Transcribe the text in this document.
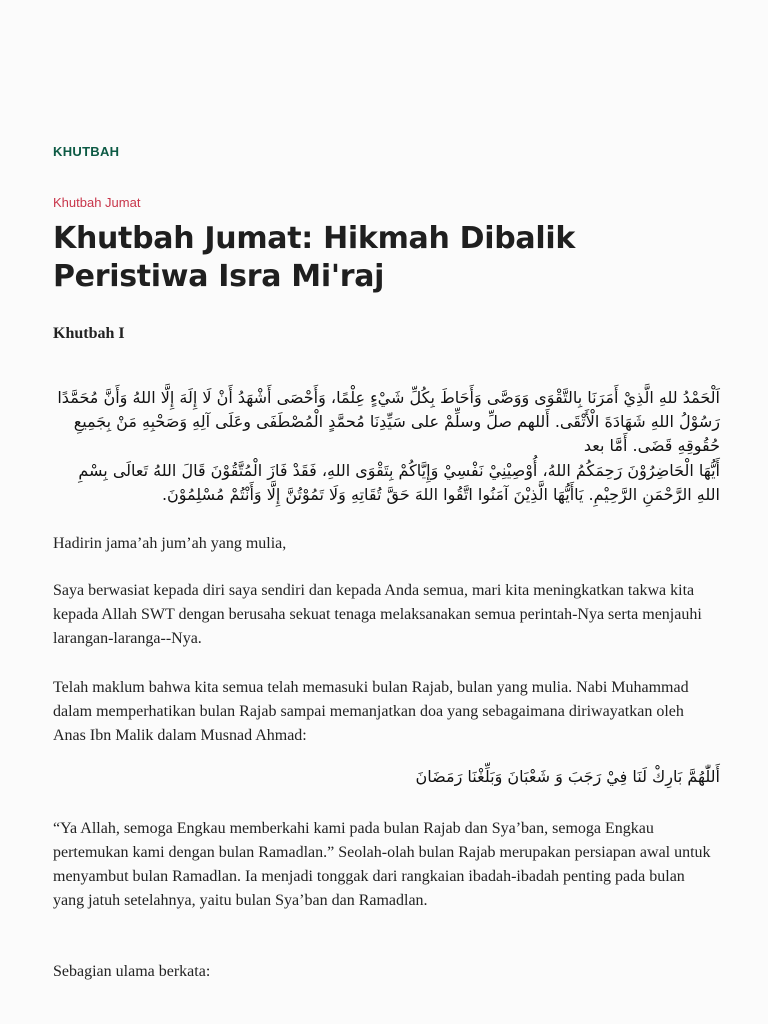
KHUTBAH
Khutbah Jumat
Khutbah Jumat: Hikmah Dibalik Peristiwa Isra Mi'raj
Khutbah I

اَلْحَمْدُ للهِ الَّذِيْ أَمَرَنَا بِالتَّقْوَى وَوَصَّى وَأَحَاطَ بِكُلِّ شَيْءٍ عِلْمًا، وَأَحْصَى أَشْهَدُ أَنْ لَا إِلَهَ إِلَّا اللهُ وَأَنَّ مُحَمَّدًا رَسُوْلُ اللهِ شَهَادَةَ الْأَتْقَى. أَللهم صلِّ وسلِّمْ على سَيِّدِنَا مُحمَّدٍ الْمُصْطَفَى وعَلَى آلِهِ وَصَحْبِهِ مَنْ بِجَمِيعِ حُقُوقِهِ قَضَى. أَمَّا بعد

أَيُّهَا الْحَاضِرُوْنَ رَحِمَكُمُ اللهُ، أُوْصِيْنِيْ نَفْسِيْ وَإِيَّاكُمْ بِتَقْوَى اللهِ، فَقَدْ فَازَ الْمُتَّقُوْنَ قَالَ اللهُ تَعالَى بِسْمِ اللهِ الرَّحْمَنِ الرَّحِيْمِ. يَاأَيُّهَا الَّذِيْنَ آمَنُوا اتَّقُوا اللهَ حَقَّ تُقَاتِهِ وَلَا تَمُوْتُنَّ إِلَّا وَأَنْتُمْ مُسْلِمُوْنَ.

Hadirin jama’ah jum’ah yang mulia,

Saya berwasiat kepada diri saya sendiri dan kepada Anda semua, mari kita meningkatkan takwa kita kepada Allah SWT dengan berusaha sekuat tenaga melaksanakan semua perintah-Nya serta menjauhi larangan-laranga--Nya.

Telah maklum bahwa kita semua telah memasuki bulan Rajab, bulan yang mulia. Nabi Muhammad dalam memperhatikan bulan Rajab sampai memanjatkan doa yang sebagaimana diriwayatkan oleh Anas Ibn Malik dalam Musnad Ahmad:

أَللّٰهُمَّ بَارِكْ لَنَا فِيْ رَجَبَ وَ شَعْبَانَ وَبَلِّغْنَا رَمَضَانَ

“Ya Allah, semoga Engkau memberkahi kami pada bulan Rajab dan Sya’ban, semoga Engkau pertemukan kami dengan bulan Ramadlan.” Seolah-olah bulan Rajab merupakan persiapan awal untuk menyambut bulan Ramadlan. Ia menjadi tonggak dari rangkaian ibadah-ibadah penting pada bulan yang jatuh setelahnya, yaitu bulan Sya’ban dan Ramadlan.

Sebagian ulama berkata:
